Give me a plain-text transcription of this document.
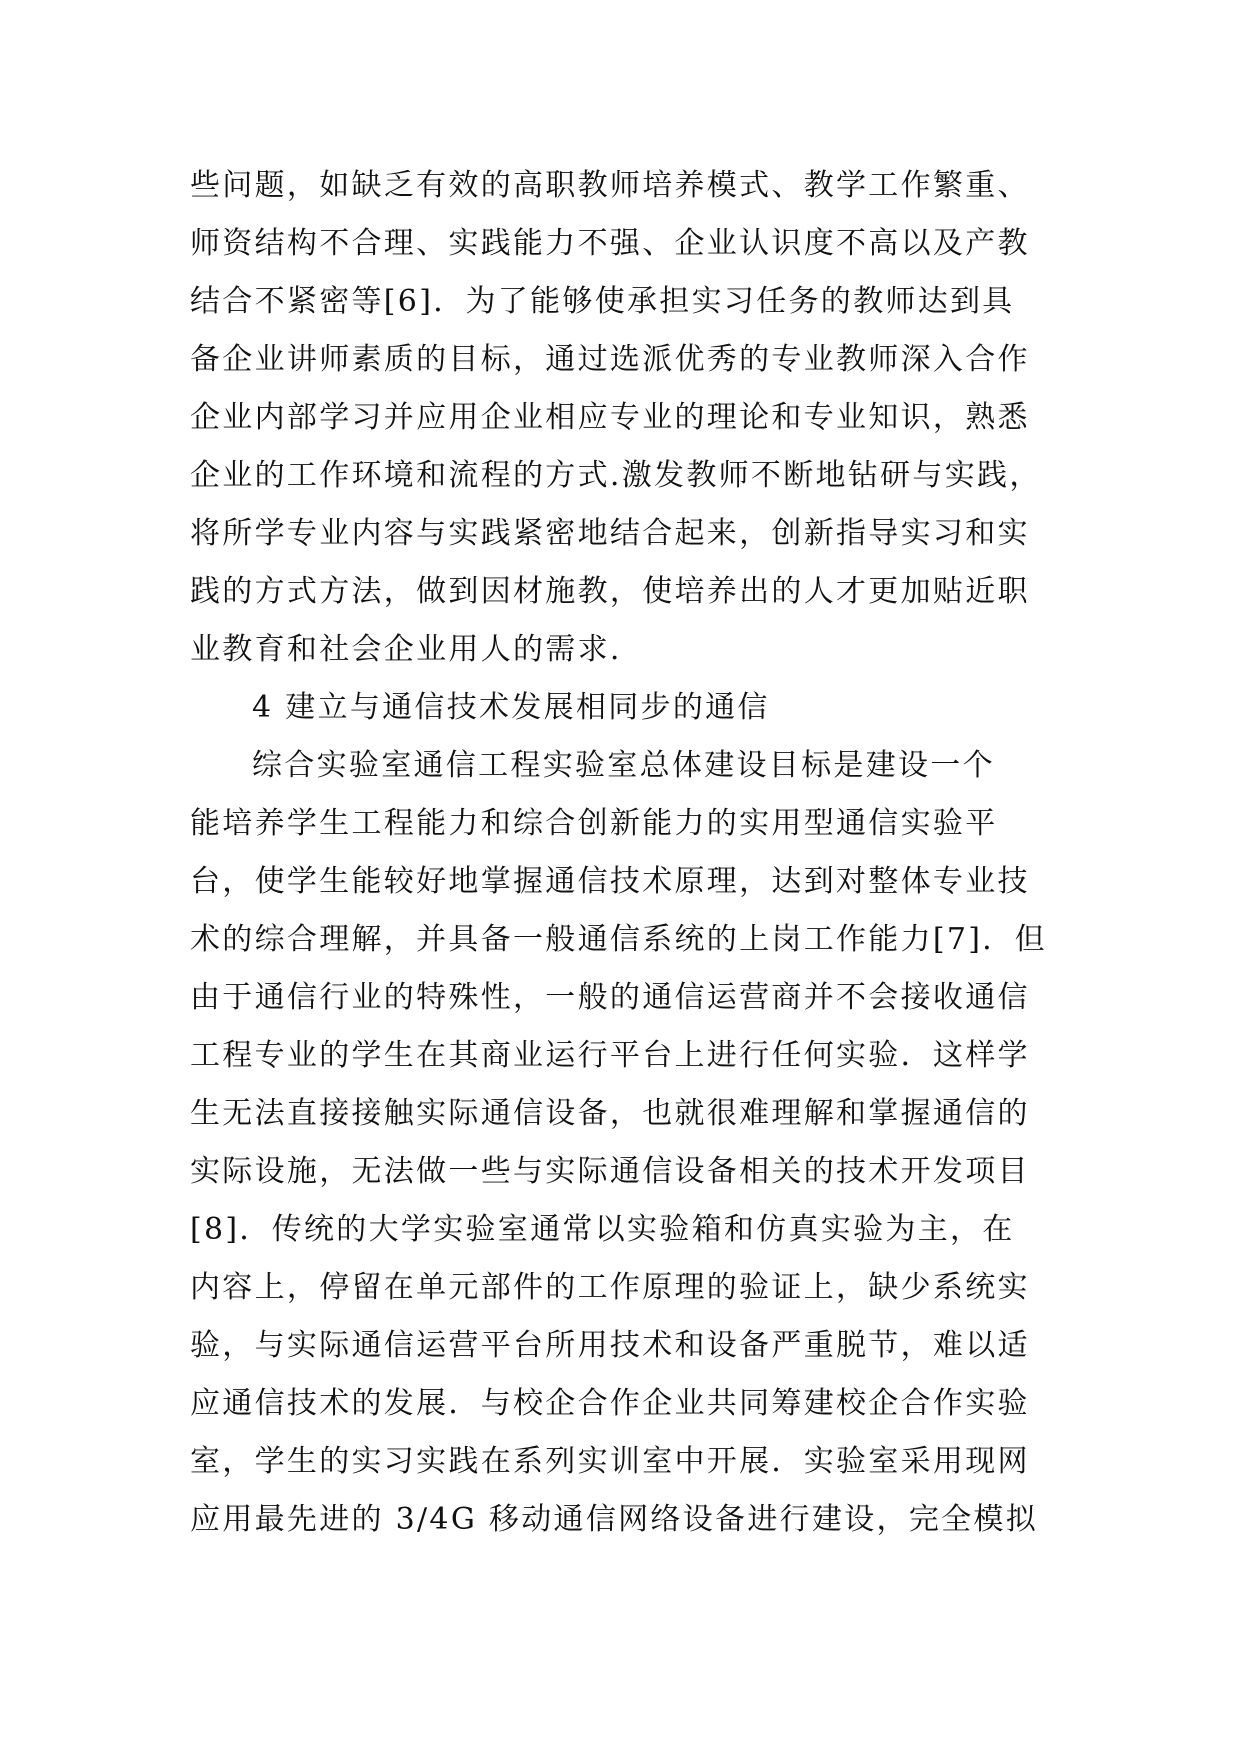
些问题，如缺乏有效的高职教师培养模式、教学工作繁重、
师资结构不合理、实践能力不强、企业认识度不高以及产教
结合不紧密等[6]．为了能够使承担实习任务的教师达到具
备企业讲师素质的目标，通过选派优秀的专业教师深入合作
企业内部学习并应用企业相应专业的理论和专业知识，熟悉
企业的工作环境和流程的方式.激发教师不断地钻研与实践，
将所学专业内容与实践紧密地结合起来，创新指导实习和实
践的方式方法，做到因材施教，使培养出的人才更加贴近职
业教育和社会企业用人的需求.
4 建立与通信技术发展相同步的通信
综合实验室通信工程实验室总体建设目标是建设一个
能培养学生工程能力和综合创新能力的实用型通信实验平
台，使学生能较好地掌握通信技术原理，达到对整体专业技
术的综合理解，并具备一般通信系统的上岗工作能力[7]．但
由于通信行业的特殊性，一般的通信运营商并不会接收通信
工程专业的学生在其商业运行平台上进行任何实验．这样学
生无法直接接触实际通信设备，也就很难理解和掌握通信的
实际设施，无法做一些与实际通信设备相关的技术开发项目
[8]．传统的大学实验室通常以实验箱和仿真实验为主，在
内容上，停留在单元部件的工作原理的验证上，缺少系统实
验，与实际通信运营平台所用技术和设备严重脱节，难以适
应通信技术的发展．与校企合作企业共同筹建校企合作实验
室，学生的实习实践在系列实训室中开展．实验室采用现网
应用最先进的 3/4G 移动通信网络设备进行建设，完全模拟
